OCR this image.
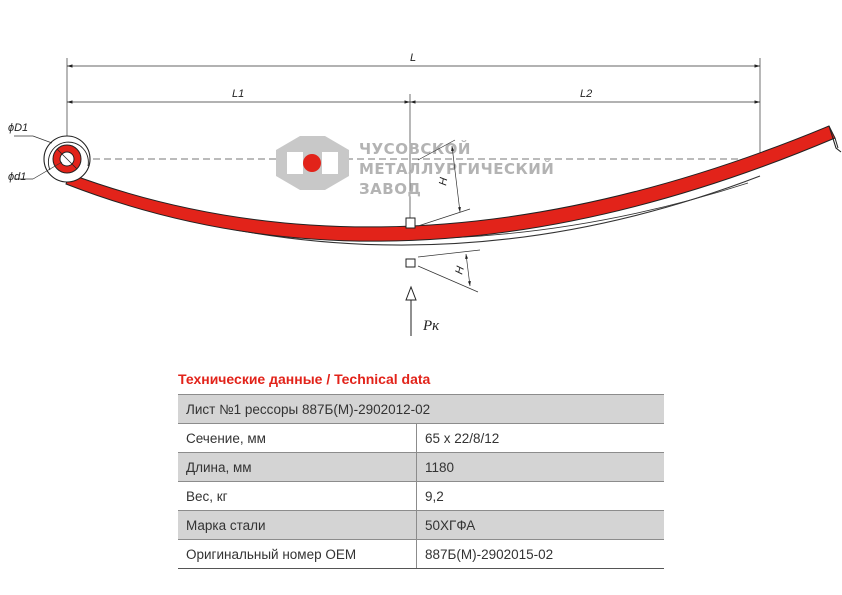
L
L1	L2
ЧУСОВСКОЙ
МЕТАЛЛУРГИЧЕСКИЙ
ЗАВОД
ϕD1
ϕd1	H
H
Pк
Технические данные / Technical data
Лист №1 рессоры 887Б(М)-2902012-02	
Сечение, мм	65 х 22/8/12
Длина, мм	1180
Вес, кг	9,2
Марка стали	50ХГФА
Оригинальный номер ОЕМ	887Б(М)-2902015-02
